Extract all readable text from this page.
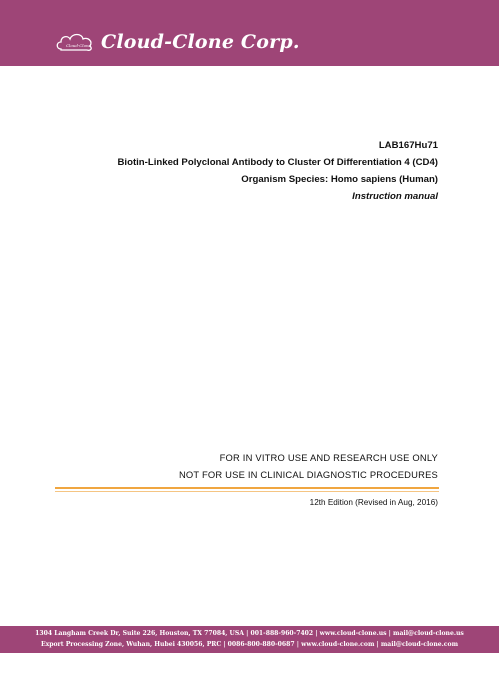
Cloud-Clone Cloud-Clone Corp.
LAB167Hu71
Biotin-Linked Polyclonal Antibody to Cluster Of Differentiation 4 (CD4)
Organism Species: Homo sapiens (Human)
Instruction manual
FOR IN VITRO USE AND RESEARCH USE ONLY
NOT FOR USE IN CLINICAL DIAGNOSTIC PROCEDURES
12th Edition (Revised in Aug, 2016)
1304 Langham Creek Dr, Suite 226, Houston, TX 77084, USA | 001-888-960-7402 | www.cloud-clone.us | mail@cloud-clone.us
Export Processing Zone, Wuhan, Hubei 430056, PRC | 0086-800-880-0687 | www.cloud-clone.com | mail@cloud-clone.com
